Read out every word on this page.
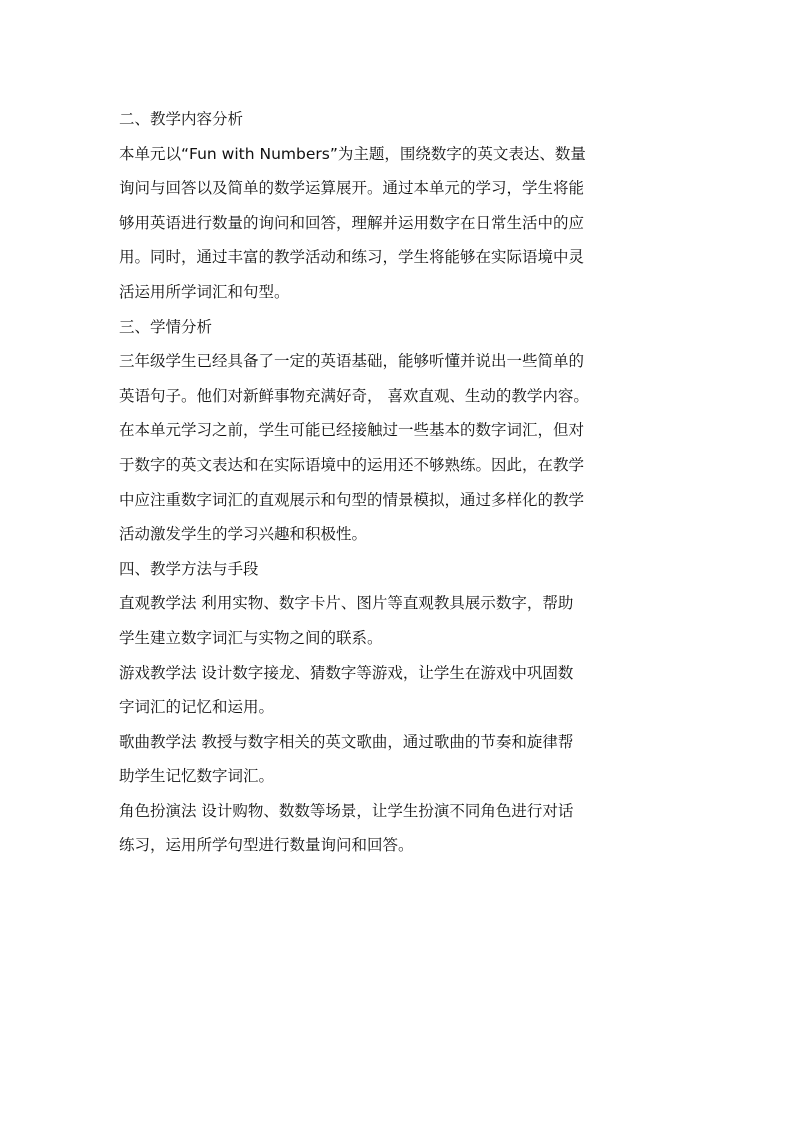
二、教学内容分析

本单元以“Fun with Numbers”为主题，围绕数字的英文表达、数量

询问与回答以及简单的数学运算展开。通过本单元的学习，学生将能

够用英语进行数量的询问和回答，理解并运用数字在日常生活中的应

用。同时，通过丰富的教学活动和练习，学生将能够在实际语境中灵

活运用所学词汇和句型。

三、学情分析

三年级学生已经具备了一定的英语基础，能够听懂并说出一些简单的

英语句子。他们对新鲜事物充满好奇， 喜欢直观、生动的教学内容。

在本单元学习之前，学生可能已经接触过一些基本的数字词汇，但对

于数字的英文表达和在实际语境中的运用还不够熟练。因此，在教学

中应注重数字词汇的直观展示和句型的情景模拟，通过多样化的教学

活动激发学生的学习兴趣和积极性。

四、教学方法与手段

直观教学法 利用实物、数字卡片、图片等直观教具展示数字，帮助

学生建立数字词汇与实物之间的联系。

游戏教学法 设计数字接龙、猜数字等游戏，让学生在游戏中巩固数

字词汇的记忆和运用。

歌曲教学法 教授与数字相关的英文歌曲，通过歌曲的节奏和旋律帮

助学生记忆数字词汇。

角色扮演法 设计购物、数数等场景，让学生扮演不同角色进行对话

练习，运用所学句型进行数量询问和回答。
